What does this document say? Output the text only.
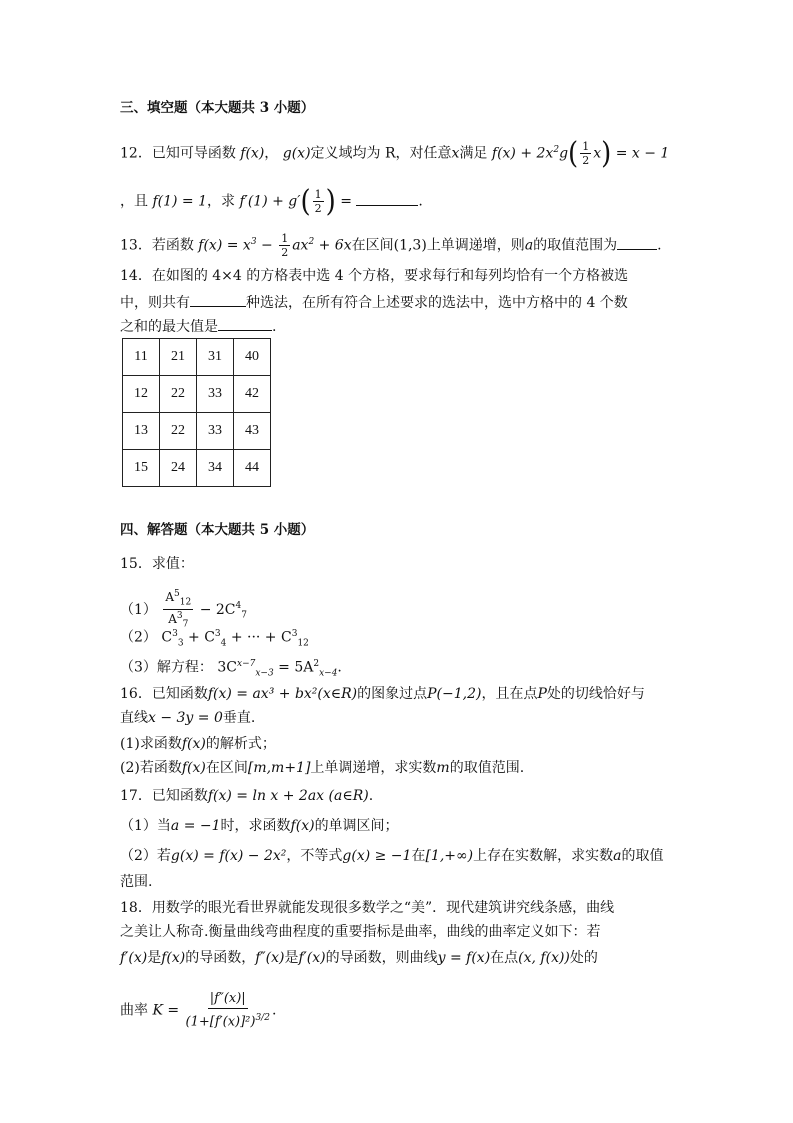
三、填空题（本大题共 3 小题）
12．已知可导函数 f(x)， g(x)定义域均为 R，对任意x满足 $f(x) + 2x^2g( \frac{1}{2} x) = x - 1$
，且 f(1) = 1，求 $f'(1) + g'( \frac{1}{2}$ ) =	.
13．若函数 $f(x) = x^3 - \frac{1}{2} ax^2 + 6x$在区间(1,3)上单调递增，则a的取值范围为	.
14．在如图的 4×4 的方格表中选 4 个方格，要求每行和每列均恰有一个方格被选
中，则共有	种选法，在所有符合上述要求的选法中，选中方格中的 4 个数
之和的最大值是	.
11	21	31	40
12	22	33	42
13	22	33	43
15	24	34	44
四、解答题（本大题共 5 小题）
15．求值：
$(1) \frac{A^5_{12}}{A^3_7} - 2C^4_7$
（2） $C^3_3 + C^3_4$ + ··· + $C^3_{12}$
（3）解方程： $3C^{x-7}_{x-3} = 5A^2_{x-4}$.
16．已知函数f(x) = ax³ + bx²(x∈R)的图象过点P(−1,2)，且在点P处的切线恰好与
直线x − 3y = 0垂直.
(1)求函数f(x)的解析式；
(2)若函数f(x)在区间[m,m+1]上单调递增，求实数m的取值范围.
17．已知函数f(x) = ln x + 2ax (a∈R).
（1）当a = −1时，求函数f(x)的单调区间；
（2）若g(x) = f(x) − 2x²，不等式g(x) ≥ −1在[1,+∞)上存在实数解，求实数a的取值
范围.
18．用数学的眼光看世界就能发现很多数学之“美”．现代建筑讲究线条感，曲线
之美让人称奇.衡量曲线弯曲程度的重要指标是曲率，曲线的曲率定义如下：若
f′(x)是f(x)的导函数，f″(x)是f′(x)的导函数，则曲线y = f(x)在点(x, f(x))处的
曲率 $K = \frac{|f''(x)|}{(1+[f'(x)]^2)^{3/2}}$ .
